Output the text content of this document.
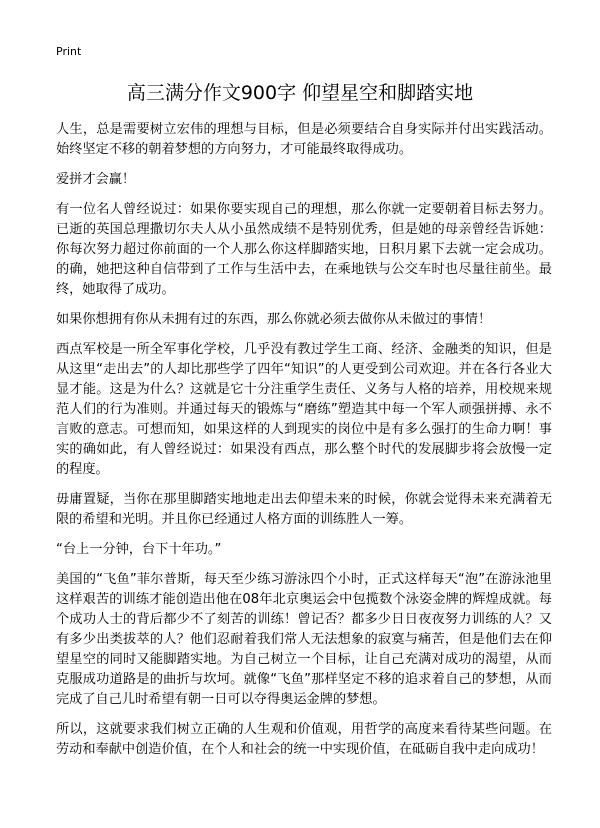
Print
高三满分作文900字 仰望星空和脚踏实地

人生，总是需要树立宏伟的理想与目标，但是必须要结合自身实际并付出实践活动。始终坚定不移的朝着梦想的方向努力，才可能最终取得成功。

爱拼才会赢！

有一位名人曾经说过：如果你要实现自己的理想，那么你就一定要朝着目标去努力。已逝的英国总理撒切尔夫人从小虽然成绩不是特别优秀，但是她的母亲曾经告诉她：你每次努力超过你前面的一个人那么你这样脚踏实地，日积月累下去就一定会成功。的确，她把这种自信带到了工作与生活中去，在乘地铁与公交车时也尽量往前坐。最终，她取得了成功。

如果你想拥有你从未拥有过的东西，那么你就必须去做你从未做过的事情！

西点军校是一所全军事化学校，几乎没有教过学生工商、经济、金融类的知识，但是从这里“走出去”的人却比那些学了四年“知识”的人更受到公司欢迎。并在各行各业大显才能。这是为什么？这就是它十分注重学生责任、义务与人格的培养，用校规来规范人们的行为准则。并通过每天的锻炼与“磨练”塑造其中每一个军人顽强拼搏、永不言败的意志。可想而知，如果这样的人到现实的岗位中是有多么强打的生命力啊！事实的确如此，有人曾经说过：如果没有西点，那么整个时代的发展脚步将会放慢一定的程度。

毋庸置疑，当你在那里脚踏实地地走出去仰望未来的时候，你就会觉得未来充满着无限的希望和光明。并且你已经通过人格方面的训练胜人一筹。

“台上一分钟，台下十年功。”

美国的“飞鱼”菲尔普斯，每天至少练习游泳四个小时，正式这样每天“泡”在游泳池里这样艰苦的训练才能创造出他在08年北京奥运会中包揽数个泳姿金牌的辉煌成就。每个成功人士的背后都少不了刻苦的训练！曾记否？都多少日日夜夜努力训练的人？又有多少出类拔萃的人？他们忍耐着我们常人无法想象的寂寞与痛苦，但是他们去在仰望星空的同时又能脚踏实地。为自己树立一个目标，让自己充满对成功的渴望，从而克服成功道路是的曲折与坎坷。就像“飞鱼”那样坚定不移的追求着自己的梦想，从而完成了自己儿时希望有朝一日可以夺得奥运金牌的梦想。

所以，这就要求我们树立正确的人生观和价值观，用哲学的高度来看待某些问题。在劳动和奉献中创造价值，在个人和社会的统一中实现价值，在砥砺自我中走向成功！
